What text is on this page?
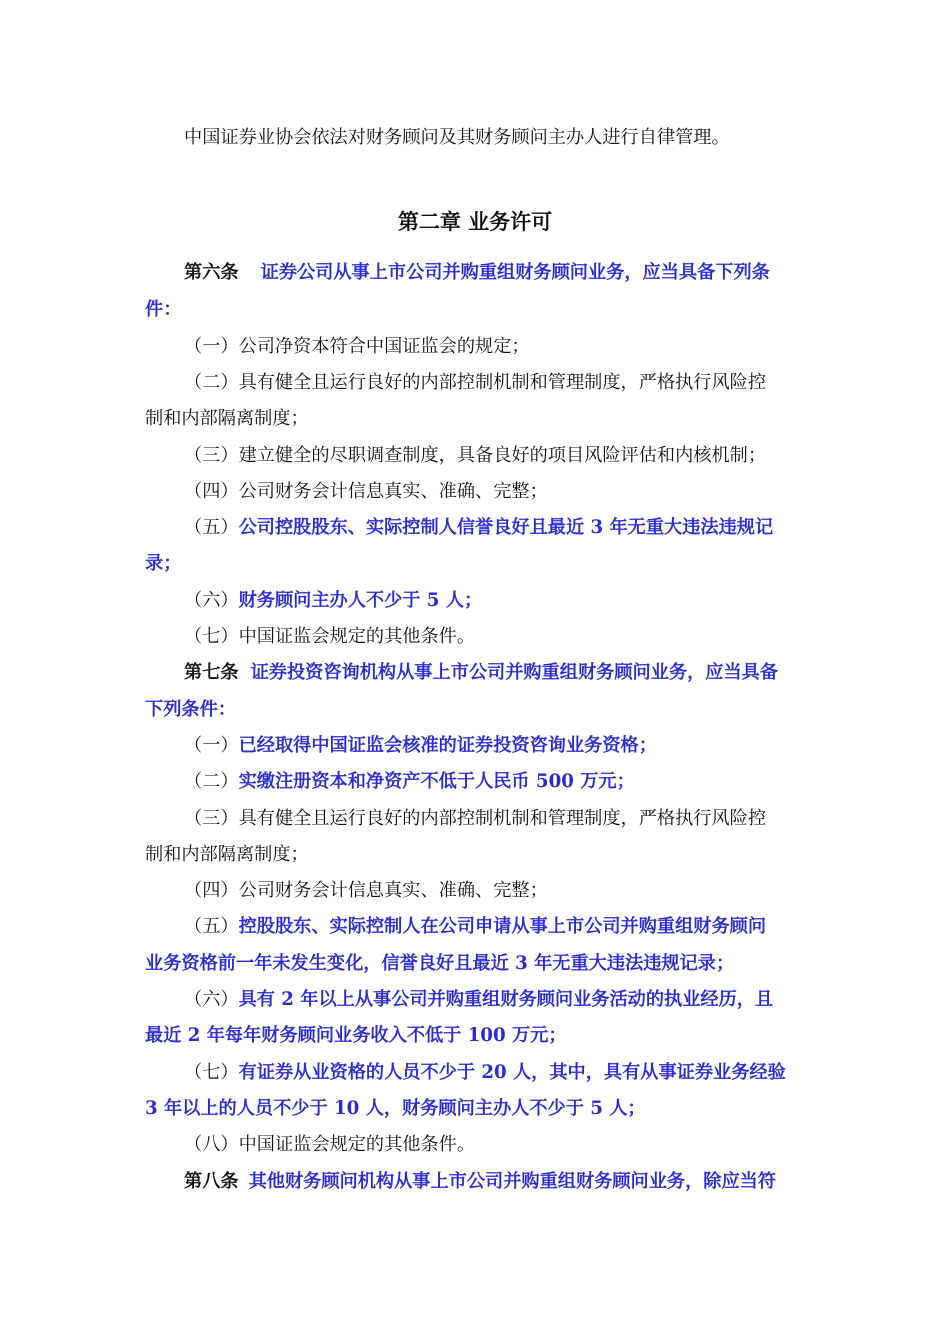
中国证券业协会依法对财务顾问及其财务顾问主办人进行自律管理。
第二章 业务许可
第六条 证券公司从事上市公司并购重组财务顾问业务，应当具备下列条
件：
（一）公司净资本符合中国证监会的规定；
（二）具有健全且运行良好的内部控制机制和管理制度，严格执行风险控
制和内部隔离制度；
（三）建立健全的尽职调查制度，具备良好的项目风险评估和内核机制；
（四）公司财务会计信息真实、准确、完整；
（五）公司控股股东、实际控制人信誉良好且最近 3 年无重大违法违规记
录；
（六）财务顾问主办人不少于 5 人；
（七）中国证监会规定的其他条件。
第七条 证券投资咨询机构从事上市公司并购重组财务顾问业务，应当具备
下列条件：
（一）已经取得中国证监会核准的证券投资咨询业务资格；
（二）实缴注册资本和净资产不低于人民币 500 万元；
（三）具有健全且运行良好的内部控制机制和管理制度，严格执行风险控
制和内部隔离制度；
（四）公司财务会计信息真实、准确、完整；
（五）控股股东、实际控制人在公司申请从事上市公司并购重组财务顾问
业务资格前一年未发生变化，信誉良好且最近 3 年无重大违法违规记录；
（六）具有 2 年以上从事公司并购重组财务顾问业务活动的执业经历，且
最近 2 年每年财务顾问业务收入不低于 100 万元；
（七）有证券从业资格的人员不少于 20 人，其中，具有从事证券业务经验
3 年以上的人员不少于 10 人，财务顾问主办人不少于 5 人；
（八）中国证监会规定的其他条件。
第八条 其他财务顾问机构从事上市公司并购重组财务顾问业务，除应当符
